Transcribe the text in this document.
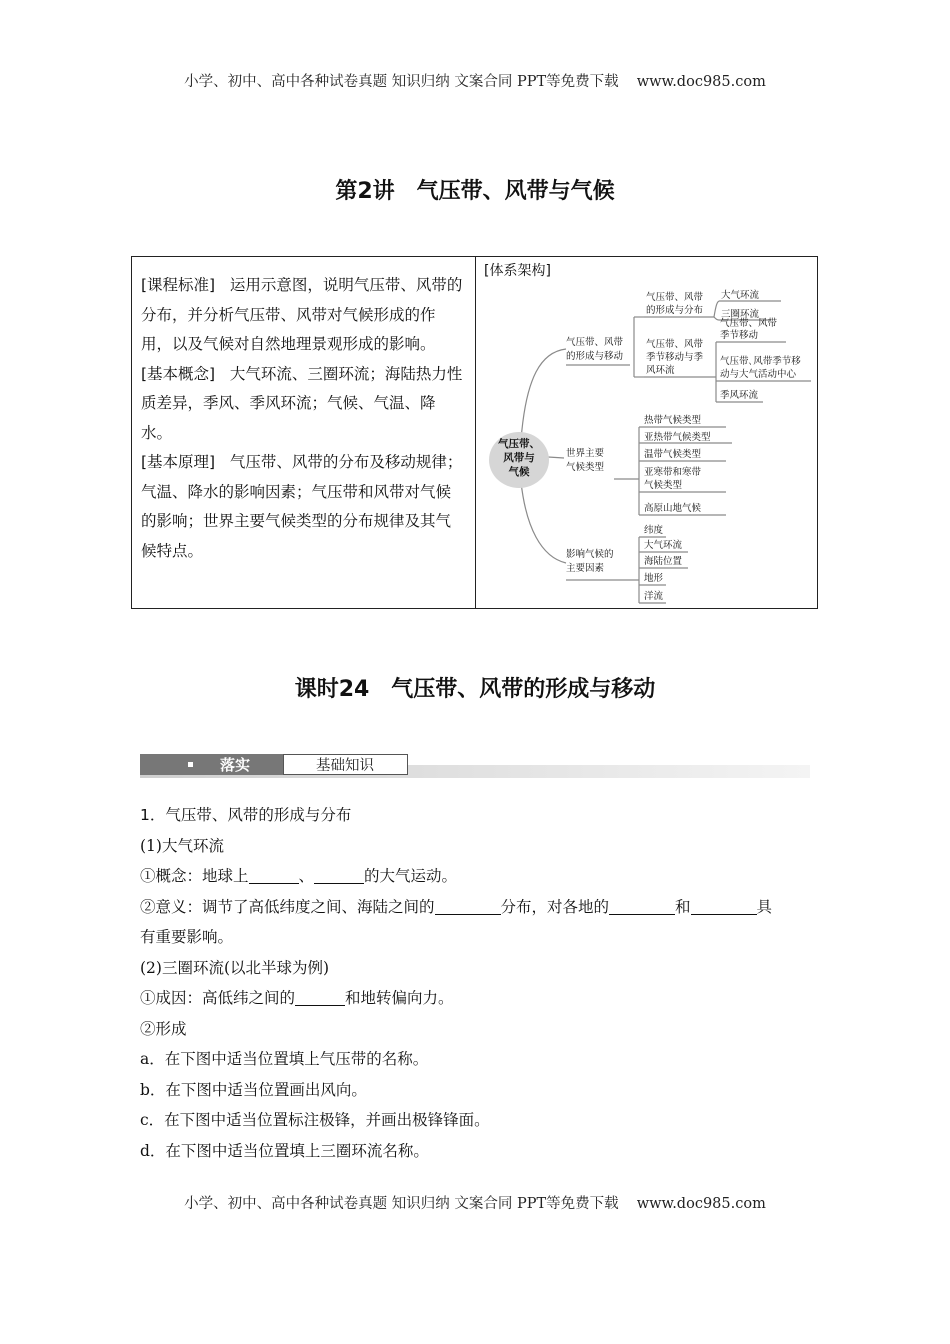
小学、初中、高中各种试卷真题 知识归纳 文案合同 PPT等免费下载 www.doc985.com
第2讲　气压带、风带与气候
[课程标准] 运用示意图，说明气压带、风带的分布，并分析气压带、风带对气候形成的作用，以及气候对自然地理景观形成的影响。
[基本概念] 大气环流、三圈环流；海陆热力性质差异，季风、季风环流；气候、气温、降水。
[基本原理] 气压带、风带的分布及移动规律；气温、降水的影响因素；气压带和风带对气候的影响；世界主要气候类型的分布规律及其气候特点。
[体系架构]
气压带、
风带与
气候
气压带、风带
的形成与移动
气压带、风带
的形成与分布
大气环流
三圈环流
气压带、风带
季节移动与季
风环流
气压带、风带
季节移动
气压带､风带季节移
动与大气活动中心
季风环流
世界主要
气候类型
热带气候类型
亚热带气候类型
温带气候类型
亚寒带和寒带
气候类型
高原山地气候
影响气候的
主要因素
纬度
大气环流
海陆位置
地形
洋流
课时24　气压带、风带的形成与移动
落实	基础知识

1．气压带、风带的形成与分布

(1)大气环流

①概念：地球上	、	的大气运动。

②意义：调节了高低纬度之间、海陆之间的	分布，对各地的	和	具

有重要影响。

(2)三圈环流(以北半球为例)

①成因：高低纬之间的	和地转偏向力。

②形成

a．在下图中适当位置填上气压带的名称。

b．在下图中适当位置画出风向。

c．在下图中适当位置标注极锋，并画出极锋锋面。

d．在下图中适当位置填上三圈环流名称。

小学、初中、高中各种试卷真题 知识归纳 文案合同 PPT等免费下载 www.doc985.com
